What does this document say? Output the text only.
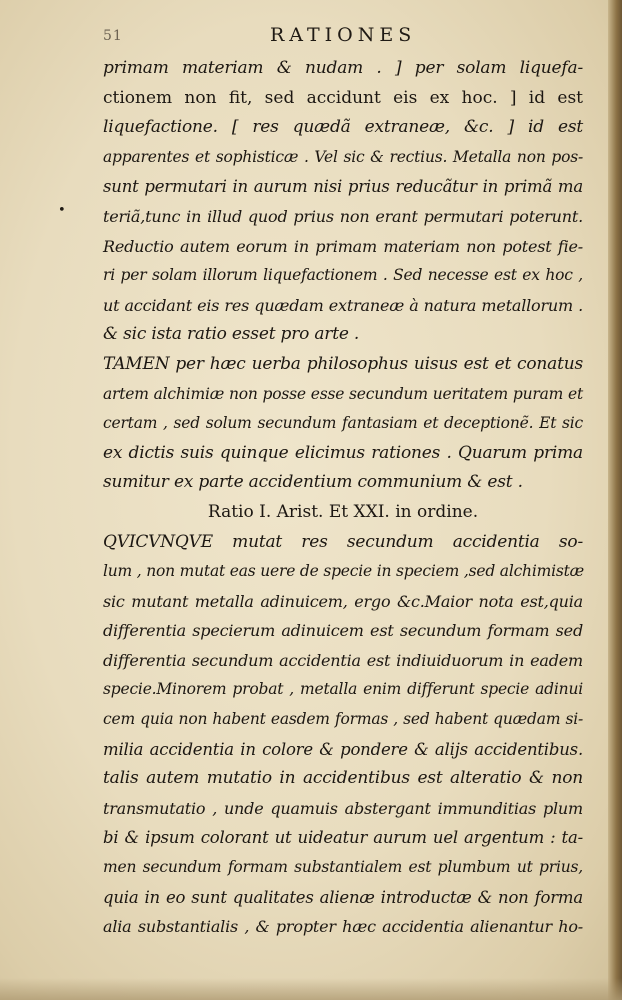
51	RATIONES
•
primam materiam & nudam . ] per solam liquefa-
ctionem non fit, sed accidunt eis ex hoc. ] id est
liquefactione. [ res quædã extraneæ, &c. ] id est
apparentes et sophisticæ . Vel sic & rectius. Metalla non pos-
sunt permutari in aurum nisi prius reducãtur in primã ma
teriã,tunc in illud quod prius non erant permutari poterunt.
Reductio autem eorum in primam materiam non potest fie-
ri per solam illorum liquefactionem . Sed necesse est ex hoc ,
ut accidant eis res quædam extraneæ à natura metallorum .
& sic ista ratio esset pro arte .
TAMEN per hæc uerba philosophus uisus est et conatus
artem alchimiæ non posse esse secundum ueritatem puram et
certam , sed solum secundum fantasiam et deceptionẽ. Et sic
ex dictis suis quinque elicimus rationes . Quarum prima
sumitur ex parte accidentium communium & est .
Ratio I. Arist. Et XXI. in ordine.
QVICVNQVE mutat res secundum accidentia so-
lum , non mutat eas uere de specie in speciem ,sed alchimistæ
sic mutant metalla adinuicem, ergo &c.Maior nota est,quia
differentia specierum adinuicem est secundum formam sed
differentia secundum accidentia est indiuiduorum in eadem
specie.Minorem probat , metalla enim differunt specie adinui
cem quia non habent easdem formas , sed habent quædam si-
milia accidentia in colore & pondere & alijs accidentibus.
talis autem mutatio in accidentibus est alteratio & non
transmutatio , unde quamuis abstergant immunditias plum
bi & ipsum colorant ut uideatur aurum uel argentum : ta-
men secundum formam substantialem est plumbum ut prius,
quia in eo sunt qualitates alienæ introductæ & non forma
alia substantialis , & propter hæc accidentia alienantur ho-
